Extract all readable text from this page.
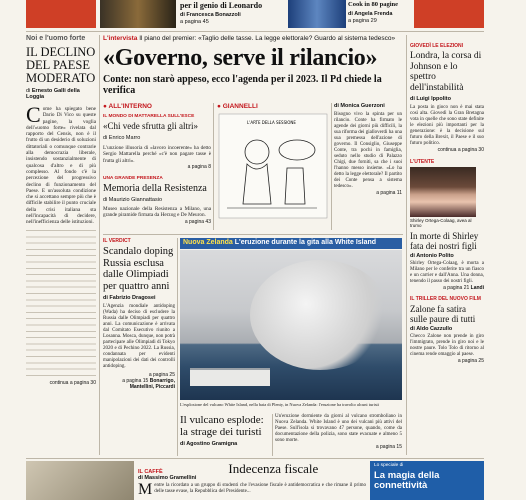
per il genio di Leonardo
di Francesca Bonazzoli
a pagina 45
Cook in 80 pagine
di Angela Frenda
a pagina 29
Noi e l'uomo forte
IL DECLINO DEL PAESE MODERATO
di Ernesto Galli della Loggia
C ome ha spiegato bene Dario Di Vico su queste pagine, la voglia dell'«uomo forte» rivelata dal rapporto del Censis, non è il frutto di un desiderio di soluzioni dittatoriali o comunque contrarie alla democrazia liberale, insistendo sostanzialmente di qualcosa d'altro e di più complesso. Al fondo c'è la percezione del progressivo declino di funzionamento del Paese. E un'assoluta condizione che si accettano sempre più che è difficile stabilire il punto cruciale della crisi italiana sta nell'incapacità di decidere, nell'inefficienza delle istituzioni.
continua a pagina 30
L'intervista Il piano del premier: «Taglio delle tasse. La legge elettorale? Guardo al sistema tedesco»
«Governo, serve il rilancio»
Conte: non starò appeso, ecco l'agenda per il 2023. Il Pd chiede la verifica
● ALL'INTERNO
IL MONDO DI MATTARELLA SULL'ESCE
«Chi vede sfrutta gli altri»
di Enrico Marro
L'unzione illusoria di «lavoro incoerente» ha detto Sergio Mattarella perché «c'è non pagare tasse è frutta gli altri».
a pagina 8
UNA GRANDE PRESENZA
Memoria della Resistenza
di Maurizio Giannattasio
Museo nazionale della Resistenza a Milano, una grande piramide firmata da Herzog e De Meuron.
a pagina 43
● GIANNELLI
L'ARTE DELLA SESSIONE
di Monica Guerzoni
Bisogno vivo la spinta per un rilancio. Conte ha firmato le agende dei giorni più difficili, la sua riforma dei gialloverdi ha una sua premessa dell'azione di governo. Il Consiglio, Giuseppe Conte, tra pochi in famiglia, seduto nello studio di Palazzo Chigi, due forniti, sa che i suoi l'hanno messo insieme. «Lo ha detto la legge elettorale? Il partito dei Conte pensa a sistema tedesco».
a pagina 11
IL VERDICT
Scandalo doping Russia esclusa dalle Olimpiadi per quattro anni
di Fabrizio Dragosei
L'Agenzia mondiale antidoping (Wada) ha deciso di escludere la Russia dalle Olimpiadi per quattro anni. La comunicazione è arrivata dal Comitato Esecutivo riunito a Losanna. Mosca, dunque, non potrà partecipare alle Olimpiadi di Tokyo 2020 e di Pechino 2022. La Russia, condannata per evidenti manipolazioni dei dati dei controlli antidoping.
a pagina 25
a pagina 15 Bonarrigo, Mantellini, Piccardi
Nuova Zelanda L'eruzione durante la gita alla White Island
L'esplosione del vulcano White Island, nella baia di Plenty, in Nuova Zelanda: l'eruzione ha travolto alcuni turisti
Il vulcano esplode: la strage dei turisti
di Agostino Gramigna
Un'eruzione dormiente da giorni al vulcano stromboliano in Nuova Zelanda. White Island è uno dei vulcani più attivi del Paese. Sull'isola si trovavano 47 persone, quando, come da documentazione della polizia, sono state evacuate e almeno 5 sono morte.
a pagina 15
GIOVEDÌ LE ELEZIONI
Londra, la corsa di Johnson e lo spettro dell'instabilità
di Luigi Ippolito
La posta in gioco non è mai stata così alta. Giovedì la Gran Bretagna vota in quelle che sono state definite le elezioni più importanti per la generazione: è la decisione sul futuro della Brexit, il Paese e il suo futuro politico.
continua a pagina 30
L'UTENTE
Shirley Ortega-Colaag, avea al trumo
In morte di Shirley fata dei nostri figli
di Antonio Polito
Shirley Ortega-Colaag, è morta a Milano per le conferite tra un fiasco e un carrier e dall'Anna. Una donna, tenendo il passo dei nostri figli.
a pagina 21 Landi
IL TRILLER DEL NUOVO FILM
Zalone fa satira sulle paure di tutti
di Aldo Cazzullo
Checco Zalone non prende in giro l'immigrato, prende in giro noi e le nostre paure. Tolo Tolo di ritorno al cinema rende omaggio al paese.
a pagina 25
IL CAFFÈ
di Massimo Gramellini
Indecenza fiscale
M entre la ricordato a un gruppo di studenti che l'evasione fiscale è antidemocratica e che rimane il primo delle tasse evase, la Repubblica del Presidente...
Lo speciale di
La magia della connettività
